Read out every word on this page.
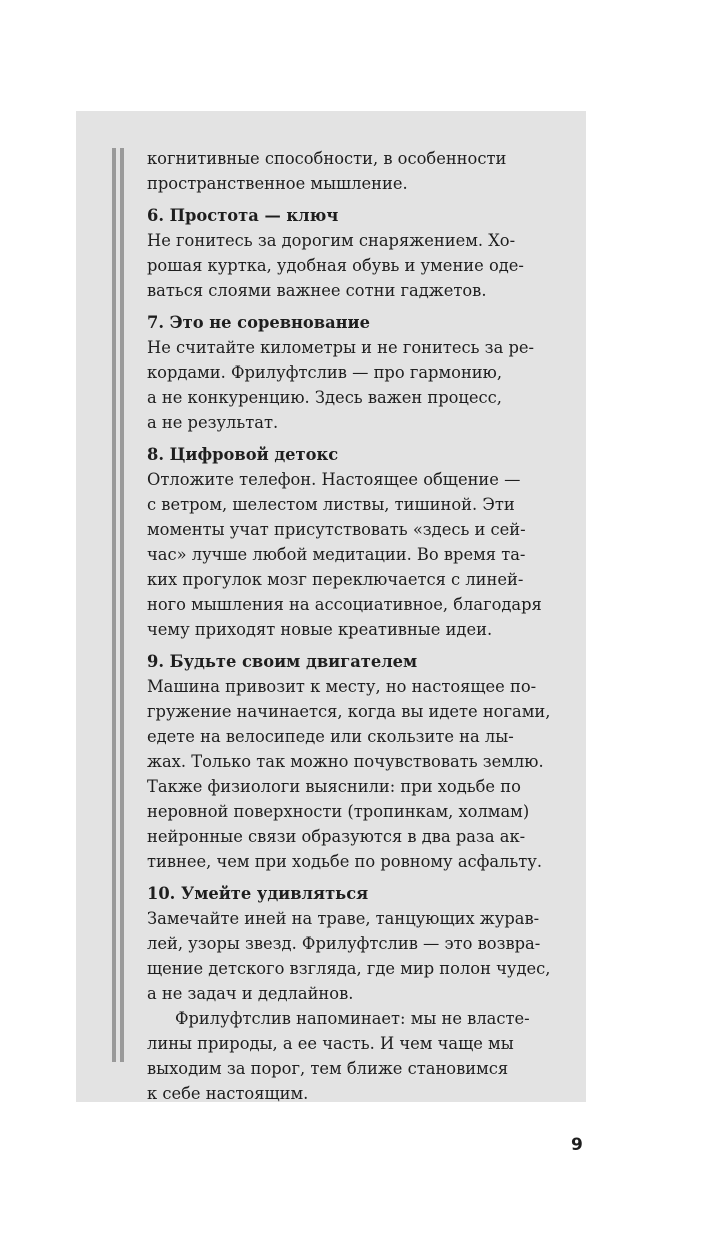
когнитивные способности, в особенности
пространственное мышление.
6. Простота — ключ
Не гонитесь за дорогим снаряжением. Хо-
рошая куртка, удобная обувь и умение оде-
ваться слоями важнее сотни гаджетов.
7. Это не соревнование
Не считайте километры и не гонитесь за ре-
кордами. Фрилуфтслив — про гармонию,
а не конкуренцию. Здесь важен процесс,
а не результат.
8. Цифровой детокс
Отложите телефон. Настоящее общение —
с ветром, шелестом листвы, тишиной. Эти
моменты учат присутствовать «здесь и сей-
час» лучше любой медитации. Во время та-
ких прогулок мозг переключается с линей-
ного мышления на ассоциативное, благодаря
чему приходят новые креативные идеи.
9. Будьте своим двигателем
Машина привозит к месту, но настоящее по-
гружение начинается, когда вы идете ногами,
едете на велосипеде или скользите на лы-
жах. Только так можно почувствовать землю.
Также физиологи выяснили: при ходьбе по
неровной поверхности (тропинкам, холмам)
нейронные связи образуются в два раза ак-
тивнее, чем при ходьбе по ровному асфальту.
10. Умейте удивляться
Замечайте иней на траве, танцующих журав-
лей, узоры звезд. Фрилуфтслив — это возвра-
щение детского взгляда, где мир полон чудес,
а не задач и дедлайнов.
Фрилуфтслив напоминает: мы не власте-
лины природы, а ее часть. И чем чаще мы
выходим за порог, тем ближе становимся
к себе настоящим.
9
